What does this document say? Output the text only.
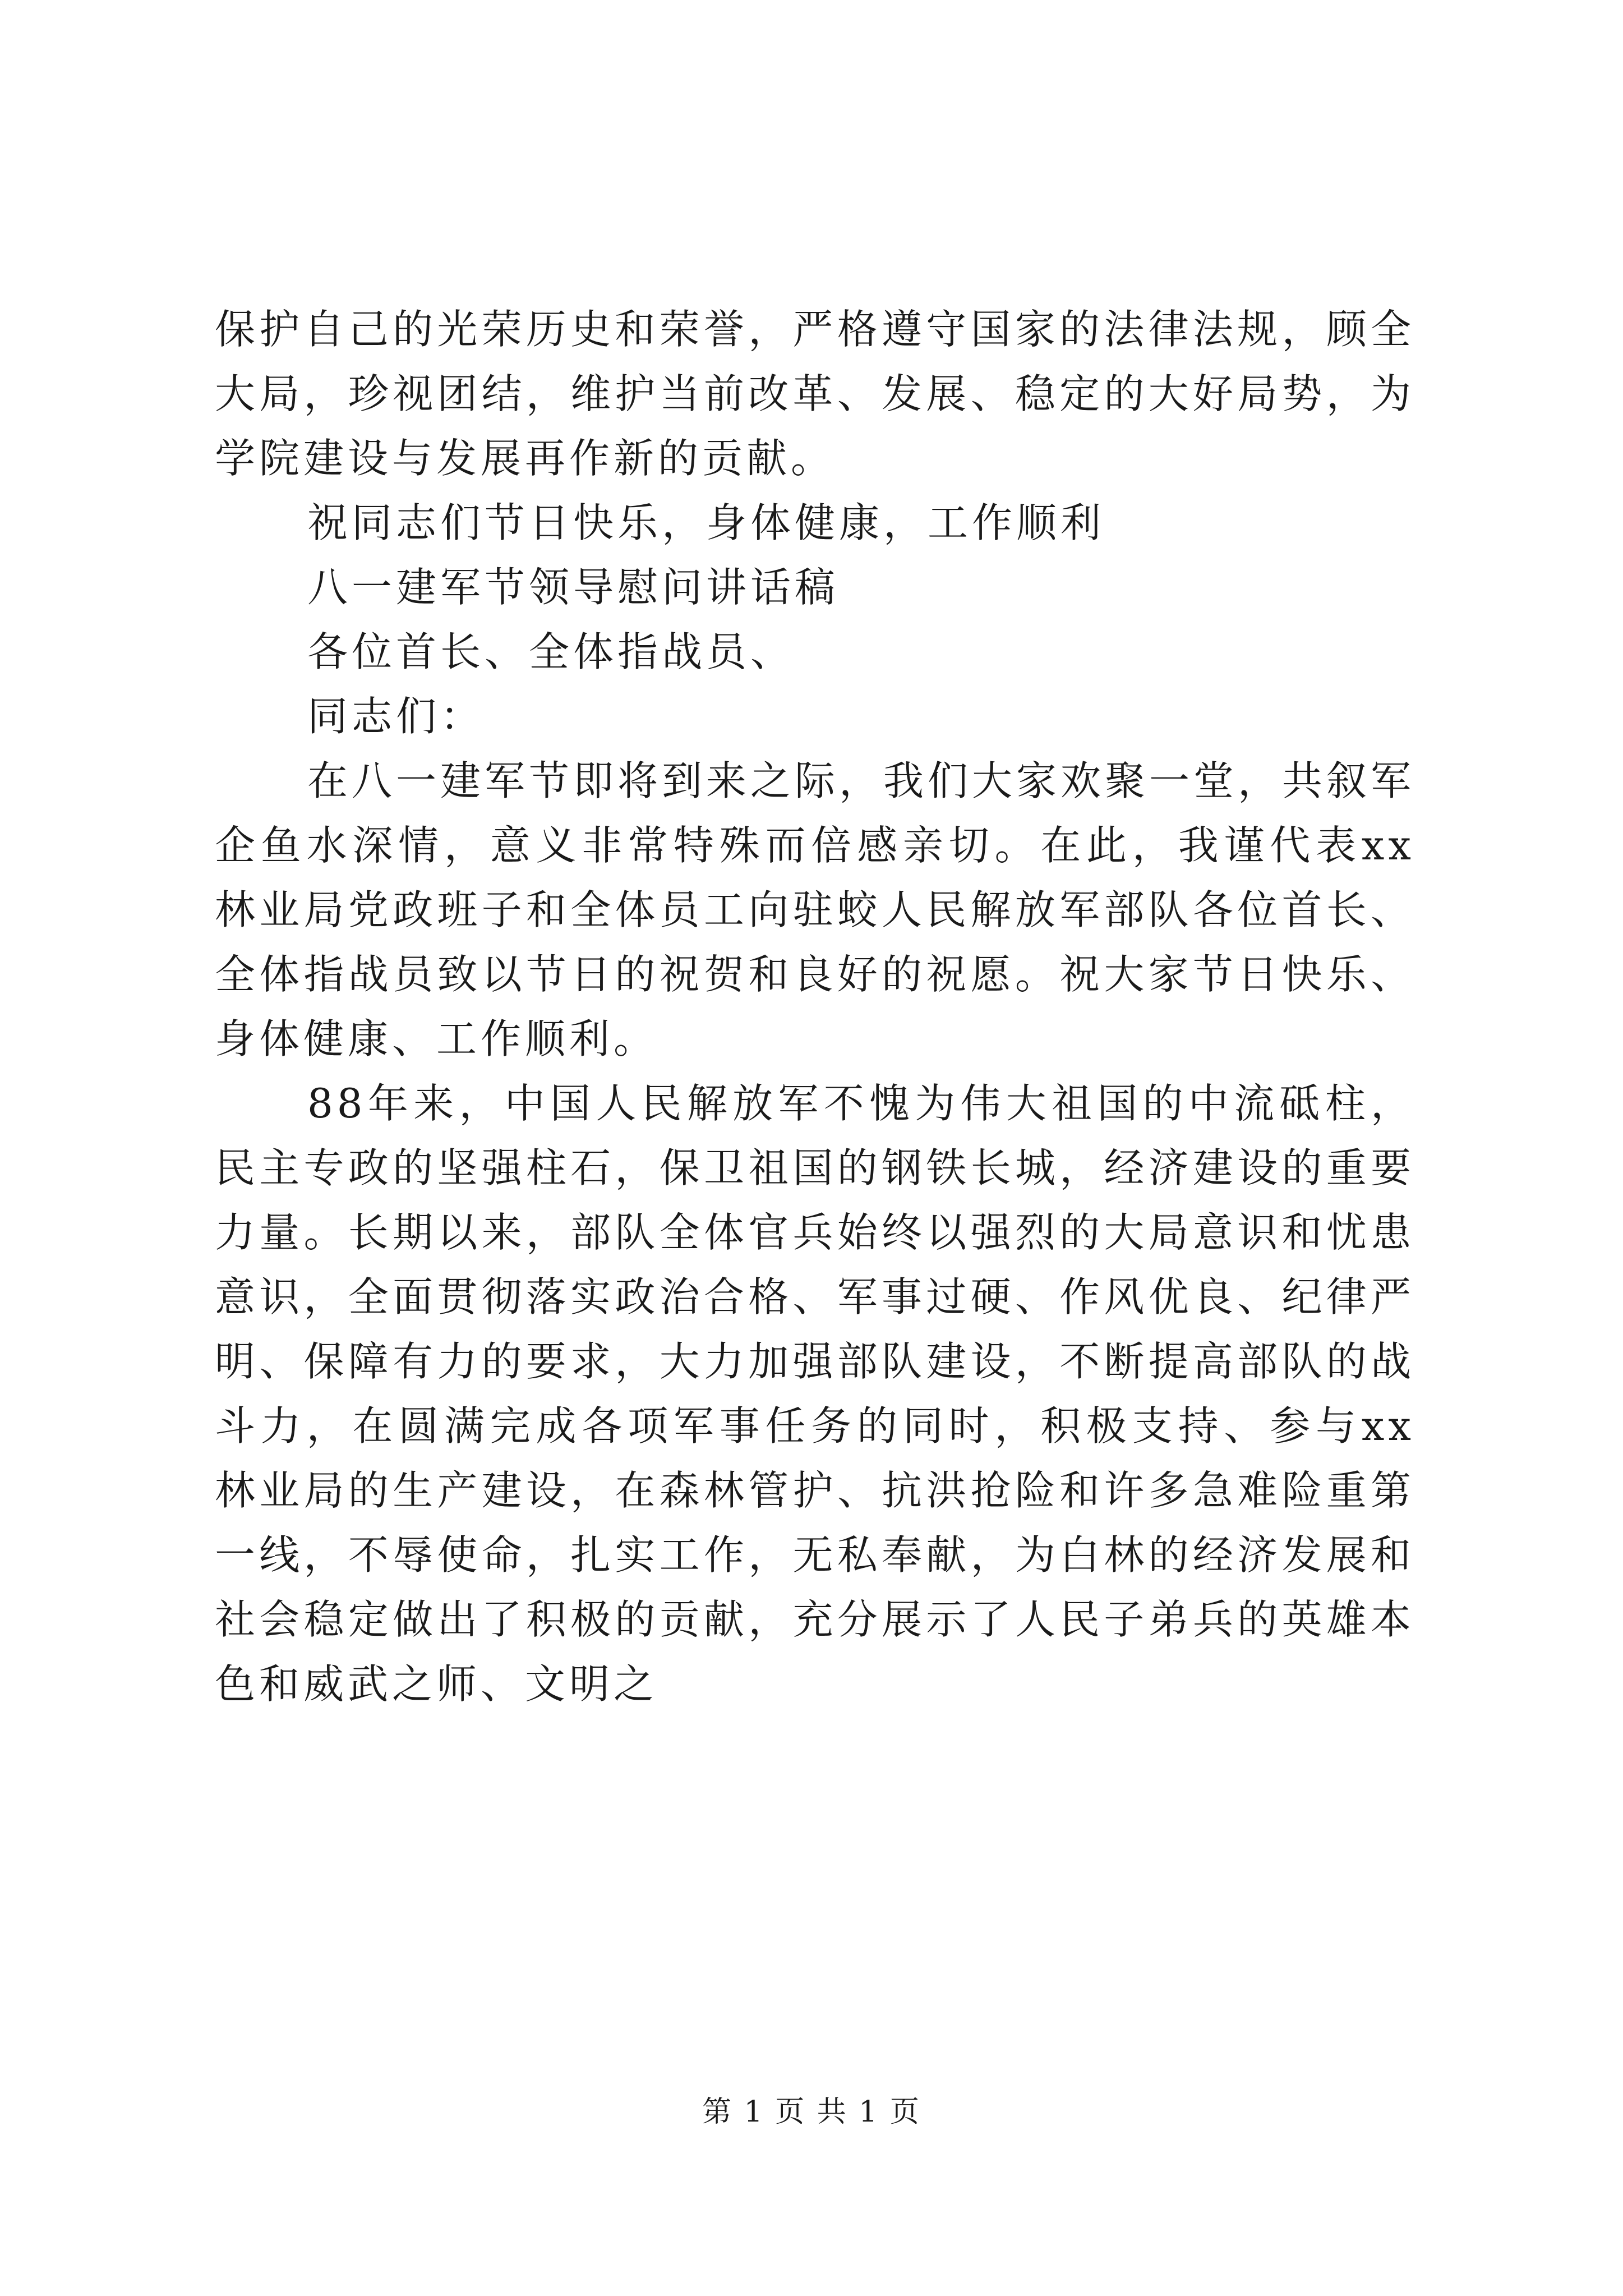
保护自己的光荣历史和荣誉，严格遵守国家的法律法规，顾全大局，珍视团结，维护当前改革、发展、稳定的大好局势，为学院建设与发展再作新的贡献。

祝同志们节日快乐，身体健康，工作顺利

八一建军节领导慰问讲话稿

各位首长、全体指战员、

同志们：

在八一建军节即将到来之际，我们大家欢聚一堂，共叙军企鱼水深情，意义非常特殊而倍感亲切。在此，我谨代表xx林业局党政班子和全体员工向驻蛟人民解放军部队各位首长、全体指战员致以节日的祝贺和良好的祝愿。祝大家节日快乐、身体健康、工作顺利。

88年来，中国人民解放军不愧为伟大祖国的中流砥柱，民主专政的坚强柱石，保卫祖国的钢铁长城，经济建设的重要力量。长期以来，部队全体官兵始终以强烈的大局意识和忧患意识，全面贯彻落实政治合格、军事过硬、作风优良、纪律严明、保障有力的要求，大力加强部队建设，不断提高部队的战斗力，在圆满完成各项军事任务的同时，积极支持、参与xx林业局的生产建设，在森林管护、抗洪抢险和许多急难险重第一线，不辱使命，扎实工作，无私奉献，为白林的经济发展和社会稳定做出了积极的贡献，充分展示了人民子弟兵的英雄本色和威武之师、文明之

第 1 页 共 1 页
